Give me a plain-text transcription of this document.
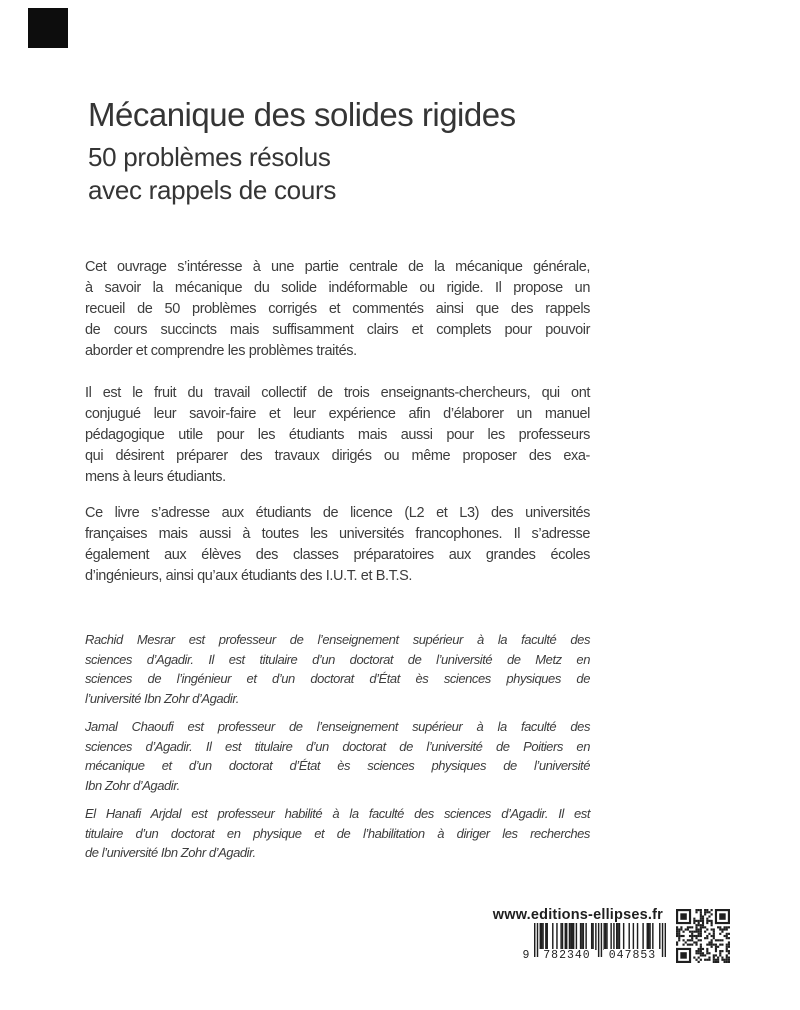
Mécanique des solides rigides
50 problèmes résolus
avec rappels de cours

Cet ouvrage s’intéresse à une partie centrale de la mécanique générale,
à savoir la mécanique du solide indéformable ou rigide. Il propose un
recueil de 50 problèmes corrigés et commentés ainsi que des rappels
de cours succincts mais suffisamment clairs et complets pour pouvoir
aborder et comprendre les problèmes traités.

Il est le fruit du travail collectif de trois enseignants-chercheurs, qui ont
conjugué leur savoir-faire et leur expérience afin d’élaborer un manuel
pédagogique utile pour les étudiants mais aussi pour les professeurs
qui désirent préparer des travaux dirigés ou même proposer des exa-
mens à leurs étudiants.

Ce livre s’adresse aux étudiants de licence (L2 et L3) des universités
françaises mais aussi à toutes les universités francophones. Il s’adresse
également aux élèves des classes préparatoires aux grandes écoles
d’ingénieurs, ainsi qu’aux étudiants des I.U.T. et B.T.S.

Rachid Mesrar est professeur de l’enseignement supérieur à la faculté des
sciences d’Agadir. Il est titulaire d’un doctorat de l’université de Metz en
sciences de l’ingénieur et d’un doctorat d’État ès sciences physiques de
l’université Ibn Zohr d’Agadir.

Jamal Chaoufi est professeur de l’enseignement supérieur à la faculté des
sciences d’Agadir. Il est titulaire d’un doctorat de l’université de Poitiers en
mécanique et d’un doctorat d’État ès sciences physiques de l’université
Ibn Zohr d’Agadir.

El Hanafi Arjdal est professeur habilité à la faculté des sciences d’Agadir. Il est
titulaire d’un doctorat en physique et de l’habilitation à diriger les recherches
de l’université Ibn Zohr d’Agadir.

www.editions-ellipses.fr
9	782340	047853
